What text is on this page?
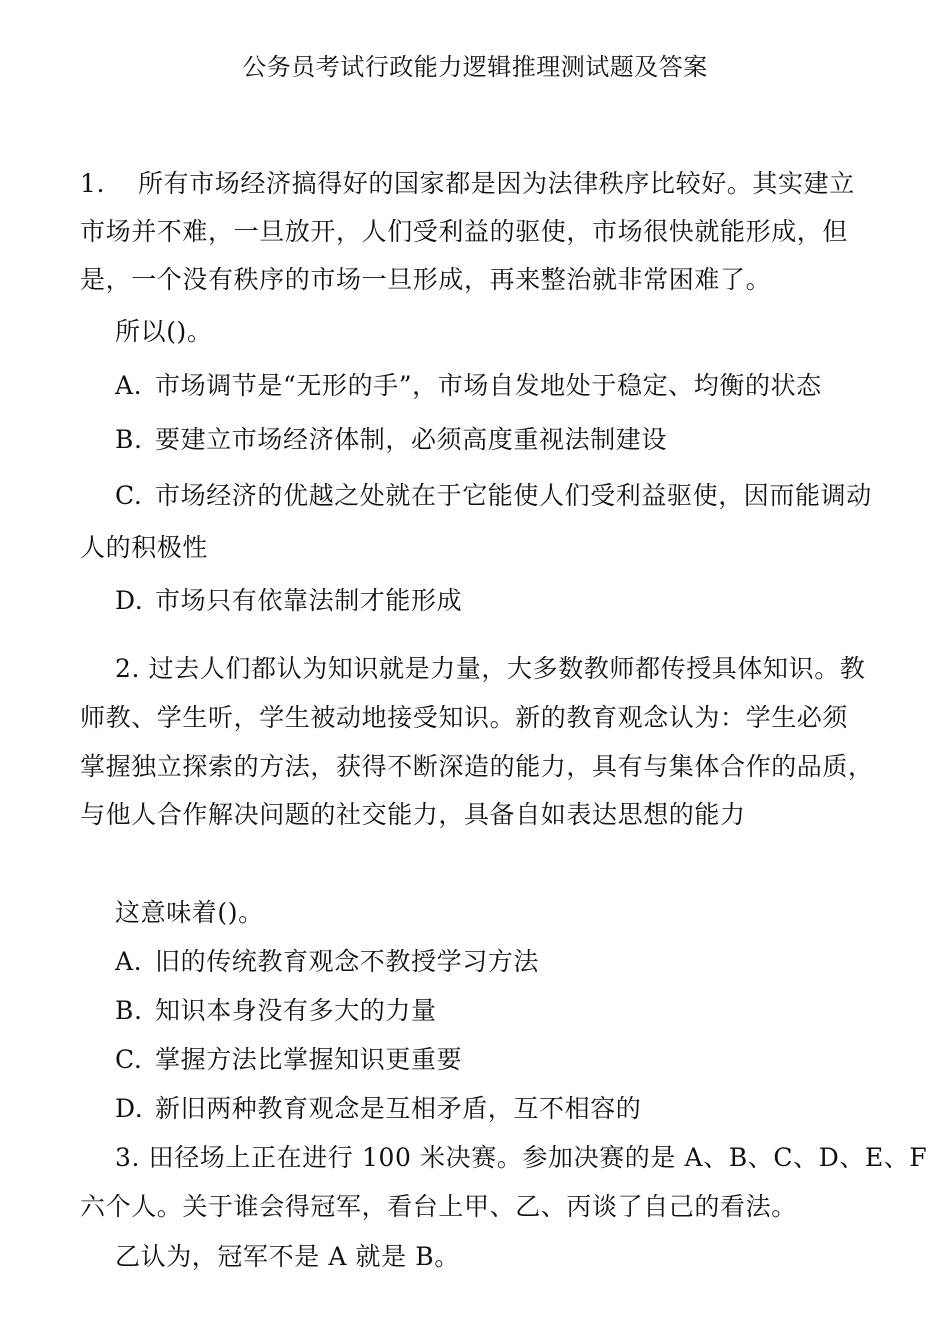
公务员考试行政能力逻辑推理测试题及答案
1. 所有市场经济搞得好的国家都是因为法律秩序比较好。其实建立
市场并不难，一旦放开，人们受利益的驱使，市场很快就能形成，但
是，一个没有秩序的市场一旦形成，再来整治就非常困难了。
所以()。
A. 市场调节是“无形的手”，市场自发地处于稳定、均衡的状态
B. 要建立市场经济体制，必须高度重视法制建设
C. 市场经济的优越之处就在于它能使人们受利益驱使，因而能调动
人的积极性
D. 市场只有依靠法制才能形成
2. 过去人们都认为知识就是力量，大多数教师都传授具体知识。教
师教、学生听，学生被动地接受知识。新的教育观念认为：学生必须
掌握独立探索的方法，获得不断深造的能力，具有与集体合作的品质，
与他人合作解决问题的社交能力，具备自如表达思想的能力
这意味着()。
A. 旧的传统教育观念不教授学习方法
B. 知识本身没有多大的力量
C. 掌握方法比掌握知识更重要
D. 新旧两种教育观念是互相矛盾，互不相容的
3. 田径场上正在进行 100 米决赛。参加决赛的是 A、B、C、D、E、F
六个人。关于谁会得冠军，看台上甲、乙、丙谈了自己的看法。
乙认为，冠军不是 A 就是 B。
